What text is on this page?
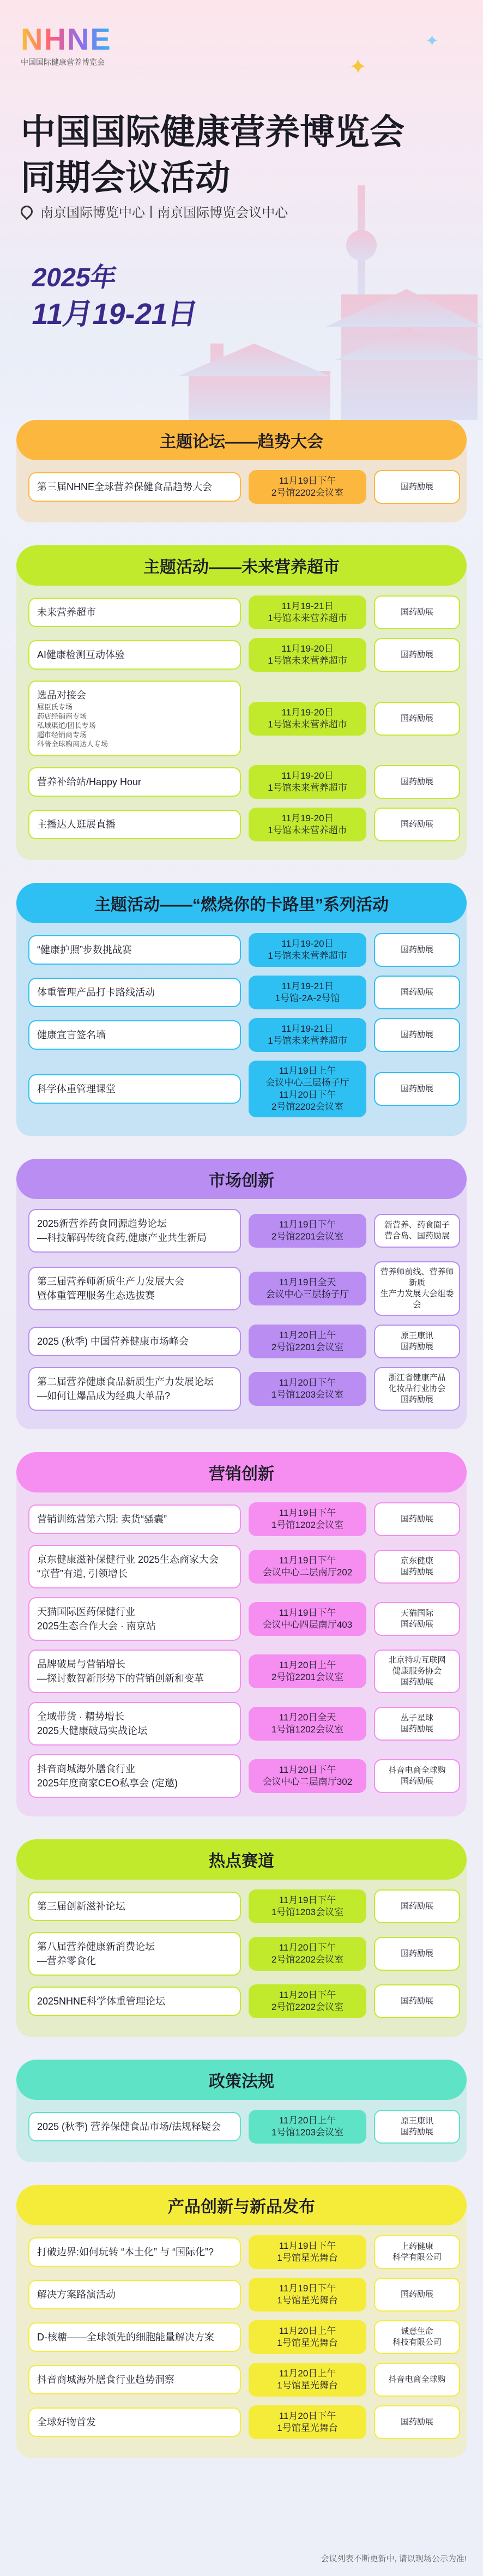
✦
✦
NHNE
中国国际健康营养博览会
中国国际健康营养博览会
同期会议活动
南京国际博览中心 | 南京国际博览会议中心
2025年
11月19-21日
主题论坛——趋势大会
第三届NHNE全球营养保健食品趋势大会
11月19日下午
2号馆2202会议室
国药励展
主题活动——未来营养超市
未来营养超市
11月19-21日
1号馆未来营养超市
国药励展
AI健康检测互动体验
11月19-20日
1号馆未来营养超市
国药励展
选品对接会
屈臣氏专场
药店经销商专场
私域渠道/团长专场
超市经销商专场
科普全球购商达人专场
11月19-20日
1号馆未来营养超市
国药励展
营养补给站/Happy Hour
11月19-20日
1号馆未来营养超市
国药励展
主播达人逛展直播
11月19-20日
1号馆未来营养超市
国药励展
主题活动——“燃烧你的卡路里”系列活动
“健康护照”步数挑战赛
11月19-20日
1号馆未来营养超市
国药励展
体重管理产品打卡路线活动
11月19-21日
1号馆-2A-2号馆
国药励展
健康宣言签名墙
11月19-21日
1号馆未来营养超市
国药励展
科学体重管理课堂
11月19日上午
会议中心三层扬子厅
11月20日下午
2号馆2202会议室
国药励展
市场创新
2025新营养药食同源趋势论坛
—科技解码传统食药,健康产业共生新局
11月19日下午
2号馆2201会议室
新营养、药食圈子
营合岛、国药励展
第三届营养师新质生产力发展大会
暨体重管理服务生态选拔赛
11月19日全天
会议中心三层扬子厅
营养师前线、营养师新质
生产力发展大会组委会
2025 (秋季) 中国营养健康市场峰会
11月20日上午
2号馆2201会议室
原王康讯
国药励展
第二届营养健康食品新质生产力发展论坛
—如何让爆品成为经典大单品?
11月20日下午
1号馆1203会议室
浙江省健康产品
化妆品行业协会
国药励展
营销创新
营销训练营第六期: 卖货“骚囊”
11月19日下午
1号馆1202会议室
国药励展
京东健康滋补保健行业 2025生态商家大会
“京营”有道, 引领增长
11月19日下午
会议中心二层南厅202
京东健康
国药励展
天猫国际医药保健行业
2025生态合作大会 · 南京站
11月19日下午
会议中心四层南厅403
天猫国际
国药励展
品牌破局与营销增长
—探讨数智新形势下的营销创新和变革
11月20日上午
2号馆2201会议室
北京特功互联网
健康服务协会
国药励展
全域带货 · 精势增长
2025大健康破局实战论坛
11月20日全天
1号馆1202会议室
丛子星球
国药励展
抖音商城海外膳食行业
2025年度商家CEO私享会 (定邀)
11月20日下午
会议中心二层南厅302
抖音电商全球购
国药励展
热点赛道
第三届创新滋补论坛
11月19日下午
1号馆1203会议室
国药励展
第八届营养健康新消费论坛
—营养零食化
11月20日下午
2号馆2202会议室
国药励展
2025NHNE科学体重管理论坛
11月20日下午
2号馆2202会议室
国药励展
政策法规
2025 (秋季) 营养保健食品市场/法规释疑会
11月20日上午
1号馆1203会议室
原王康讯
国药励展
产品创新与新品发布
打破边界:如何玩转 “本土化” 与 “国际化”?
11月19日下午
1号馆星光舞台
上药健康
科学有限公司
解决方案路演活动
11月19日下午
1号馆星光舞台
国药励展
D-核糖——全球领先的细胞能量解决方案
11月20日上午
1号馆星光舞台
诚意生命
科技有限公司
抖音商城海外膳食行业趋势洞察
11月20日上午
1号馆星光舞台
抖音电商全球购
全球好物首发
11月20日下午
1号馆星光舞台
国药励展
会议列表不断更新中, 请以现场公示为准!
